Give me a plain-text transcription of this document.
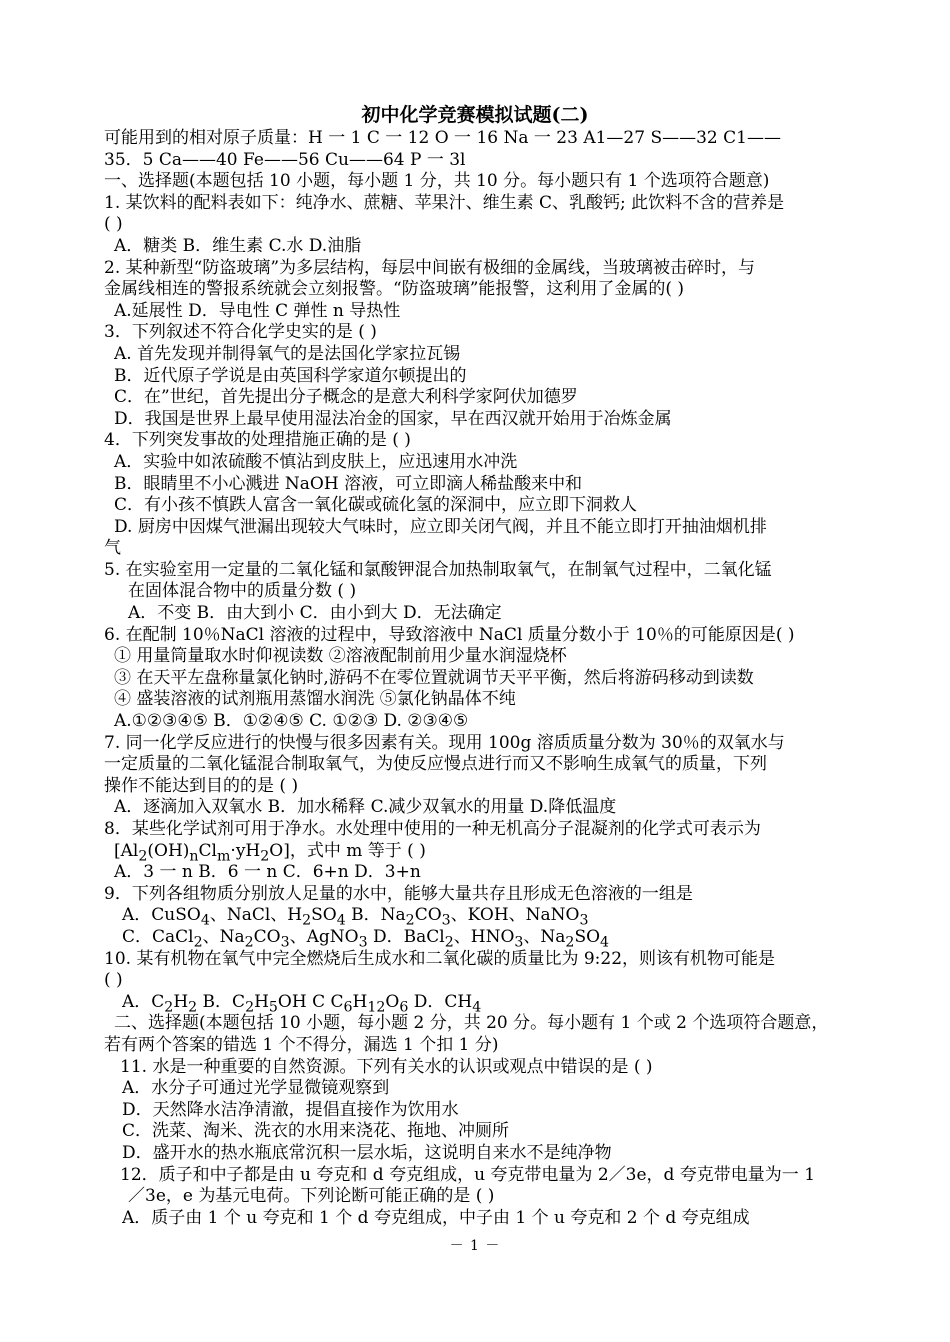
初中化学竞赛模拟试题(二)
可能用到的相对原子质量：H 一 1 C 一 12 O 一 16 Na 一 23 A1—27 S——32 C1——
35．5 Ca——40 Fe——56 Cu——64 P 一 3l
一、选择题(本题包括 10 小题，每小题 1 分，共 10 分。每小题只有 1 个选项符合题意)
1. 某饮料的配料表如下：纯净水、蔗糖、苹果汁、维生素 C、乳酸钙; 此饮料不含的营养是
( )
A．糖类 B．维生素 C.水 D.油脂
2. 某种新型“防盗玻璃”为多层结构，每层中间嵌有极细的金属线，当玻璃被击碎时，与
金属线相连的警报系统就会立刻报警。“防盗玻璃”能报警，这利用了金属的( )
A.延展性 D．导电性 C 弹性 n 导热性
3．下列叙述不符合化学史实的是 ( )
A. 首先发现并制得氧气的是法国化学家拉瓦锡
B．近代原子学说是由英国科学家道尔顿提出的
C．在”世纪，首先提出分子概念的是意大利科学家阿伏加德罗
D．我国是世界上最早使用湿法冶金的国家，早在西汉就开始用于冶炼金属
4．下列突发事故的处理措施正确的是 ( )
A．实验中如浓硫酸不慎沾到皮肤上，应迅速用水冲洗
B．眼睛里不小心溅进 NaOH 溶液，可立即滴人稀盐酸来中和
C．有小孩不慎跌人富含一氧化碳或硫化氢的深洞中，应立即下洞救人
D. 厨房中因煤气泄漏出现较大气味时，应立即关闭气阀，并且不能立即打开抽油烟机排
气
5. 在实验室用一定量的二氧化锰和氯酸钾混合加热制取氧气，在制氧气过程中，二氧化锰
在固体混合物中的质量分数 ( )
A．不变 B．由大到小 C．由小到大 D．无法确定
6. 在配制 10％NaCl 溶液的过程中，导致溶液中 NaCl 质量分数小于 10％的可能原因是( )
① 用量筒量取水时仰视读数 ②溶液配制前用少量水润湿烧杯
③ 在天平左盘称量氯化钠时,游码不在零位置就调节天平平衡，然后将游码移动到读数
④ 盛装溶液的试剂瓶用蒸馏水润洗 ⑤氯化钠晶体不纯
A.①②③④⑤ B．①②④⑤ C. ①②③ D. ②③④⑤
7. 同一化学反应进行的快慢与很多因素有关。现用 100g 溶质质量分数为 30％的双氧水与
一定质量的二氧化锰混合制取氧气，为使反应慢点进行而又不影响生成氧气的质量，下列
操作不能达到目的的是 ( )
A．逐滴加入双氧水 B．加水稀释 C.减少双氧水的用量 D.降低温度
8．某些化学试剂可用于净水。水处理中使用的一种无机高分子混凝剂的化学式可表示为
$[Al_2(OH)_nCl_m\cdot yH_2O]$，式中 m 等于 ( )
A．3 一 n B．6 一 n C．6+n D．3+n
9．下列各组物质分别放人足量的水中，能够大量共存且形成无色溶液的一组是
A．CuSO$_4$、NaCl、$H_2SO_4$ B．$Na_2CO_3$、KOH、NaNO$_3$
C．CaCl$_2$、$Na_2CO_3$、AgNO$_3$ D．BaCl$_2$、$HNO_3$、$Na_2SO_4$
10. 某有机物在氧气中完全燃烧后生成水和二氧化碳的质量比为 9:22，则该有机物可能是
( )
A．$C_2H_2$ B．$C_2H_5OH$ C $C_6H_{12}O_6$ D．$CH_4$
二、选择题(本题包括 10 小题，每小题 2 分，共 20 分。每小题有 1 个或 2 个选项符合题意，
若有两个答案的错选 1 个不得分，漏选 1 个扣 1 分)
11. 水是一种重要的自然资源。下列有关水的认识或观点中错误的是 ( )
A．水分子可通过光学显微镜观察到
D．天然降水洁净清澈，提倡直接作为饮用水
C．洗菜、淘米、洗衣的水用来浇花、拖地、冲厕所
D．盛开水的热水瓶底常沉积一层水垢，这说明自来水不是纯净物
12．质子和中子都是由 u 夸克和 d 夸克组成，u 夸克带电量为 2／3e，d 夸克带电量为一 1
／3e，e 为基元电荷。下列论断可能正确的是 ( )
A．质子由 1 个 u 夸克和 1 个 d 夸克组成，中子由 1 个 u 夸克和 2 个 d 夸克组成
－ 1 －
